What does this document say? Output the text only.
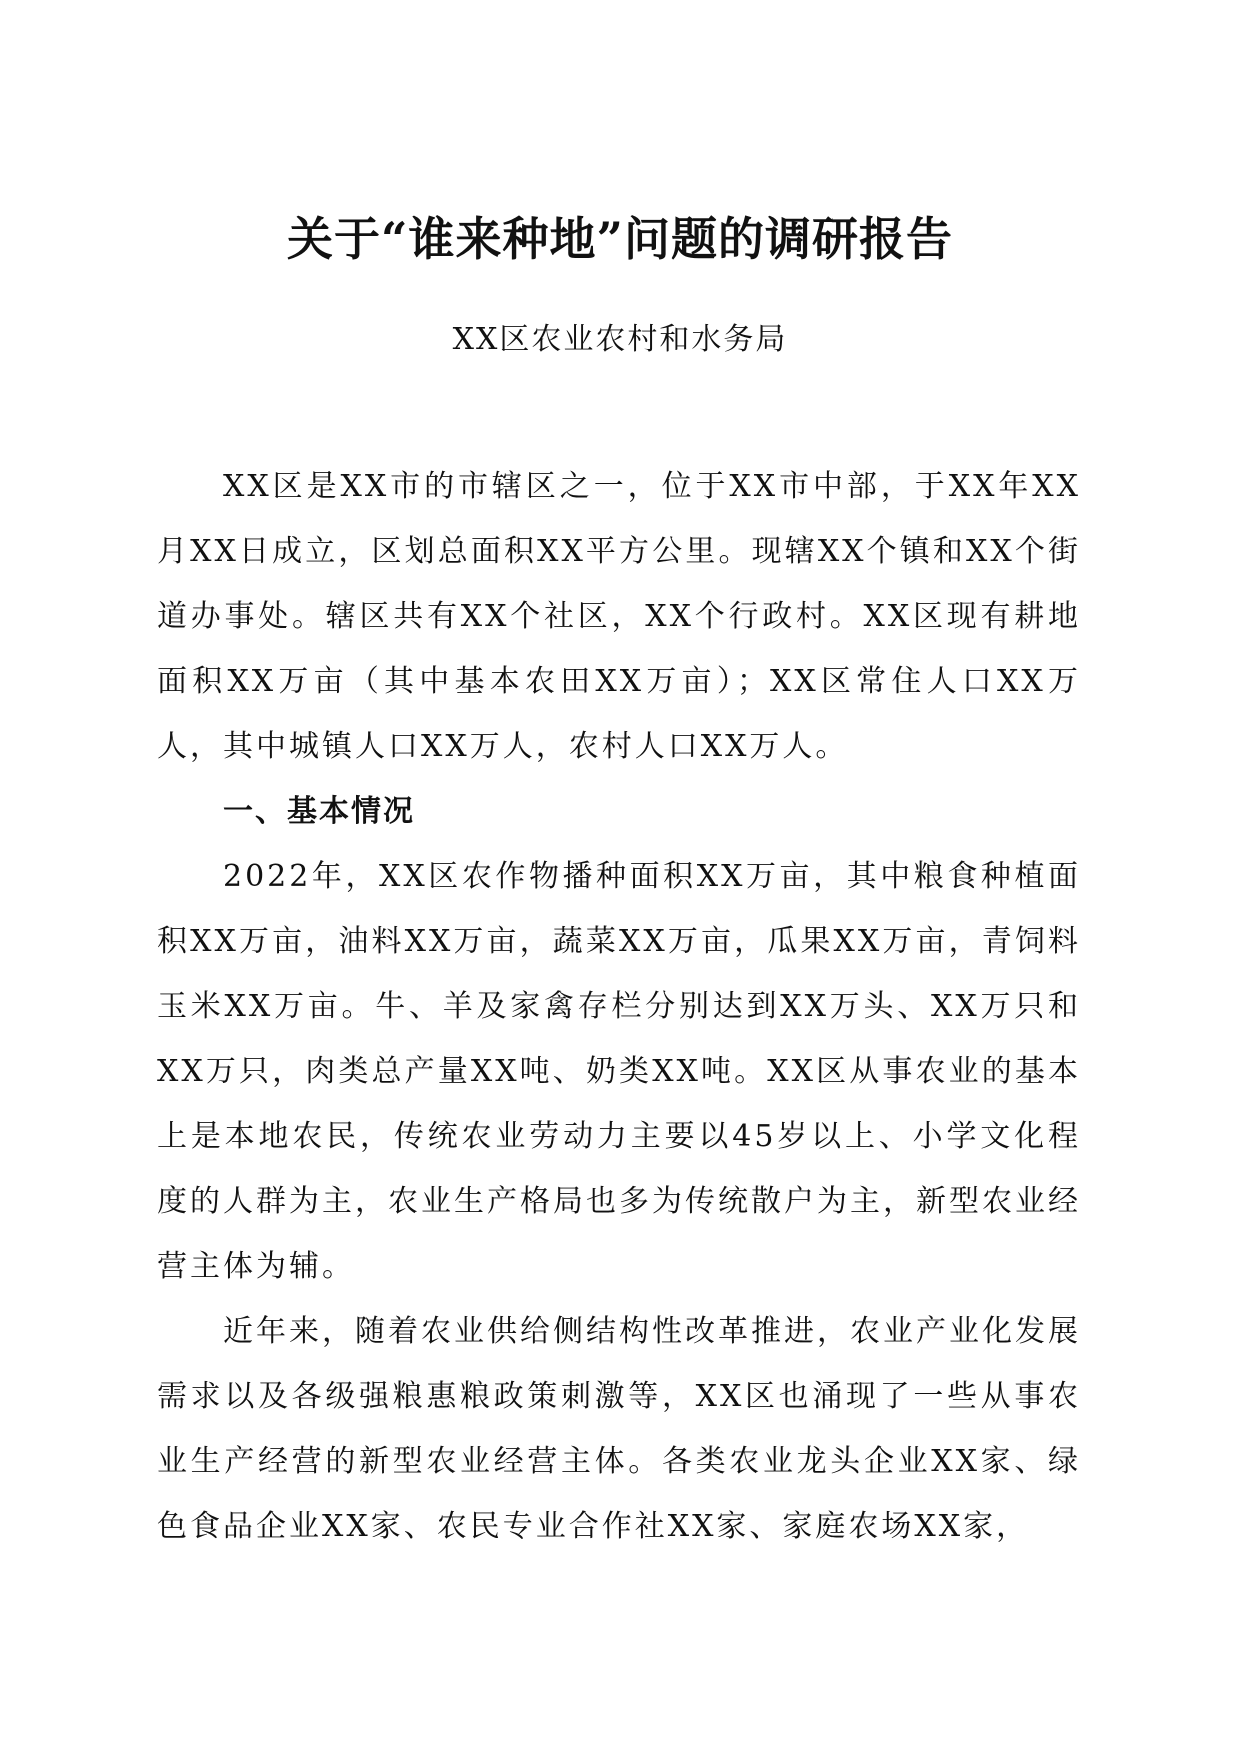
关于“谁来种地”问题的调研报告
XX区农业农村和水务局

XX区是XX市的市辖区之一，位于XX市中部，于XX年XX月XX日成立，区划总面积XX平方公里。现辖XX个镇和XX个街道办事处。辖区共有XX个社区，XX个行政村。XX区现有耕地面积XX万亩（其中基本农田XX万亩）；XX区常住人口XX万人，其中城镇人口XX万人，农村人口XX万人。

一、基本情况

2022年，XX区农作物播种面积XX万亩，其中粮食种植面积XX万亩，油料XX万亩，蔬菜XX万亩，瓜果XX万亩，青饲料玉米XX万亩。牛、羊及家禽存栏分别达到XX万头、XX万只和XX万只，肉类总产量XX吨、奶类XX吨。XX区从事农业的基本上是本地农民，传统农业劳动力主要以45岁以上、小学文化程度的人群为主，农业生产格局也多为传统散户为主，新型农业经营主体为辅。

近年来，随着农业供给侧结构性改革推进，农业产业化发展需求以及各级强粮惠粮政策刺激等，XX区也涌现了一些从事农业生产经营的新型农业经营主体。各类农业龙头企业XX家、绿色食品企业XX家、农民专业合作社XX家、家庭农场XX家，
